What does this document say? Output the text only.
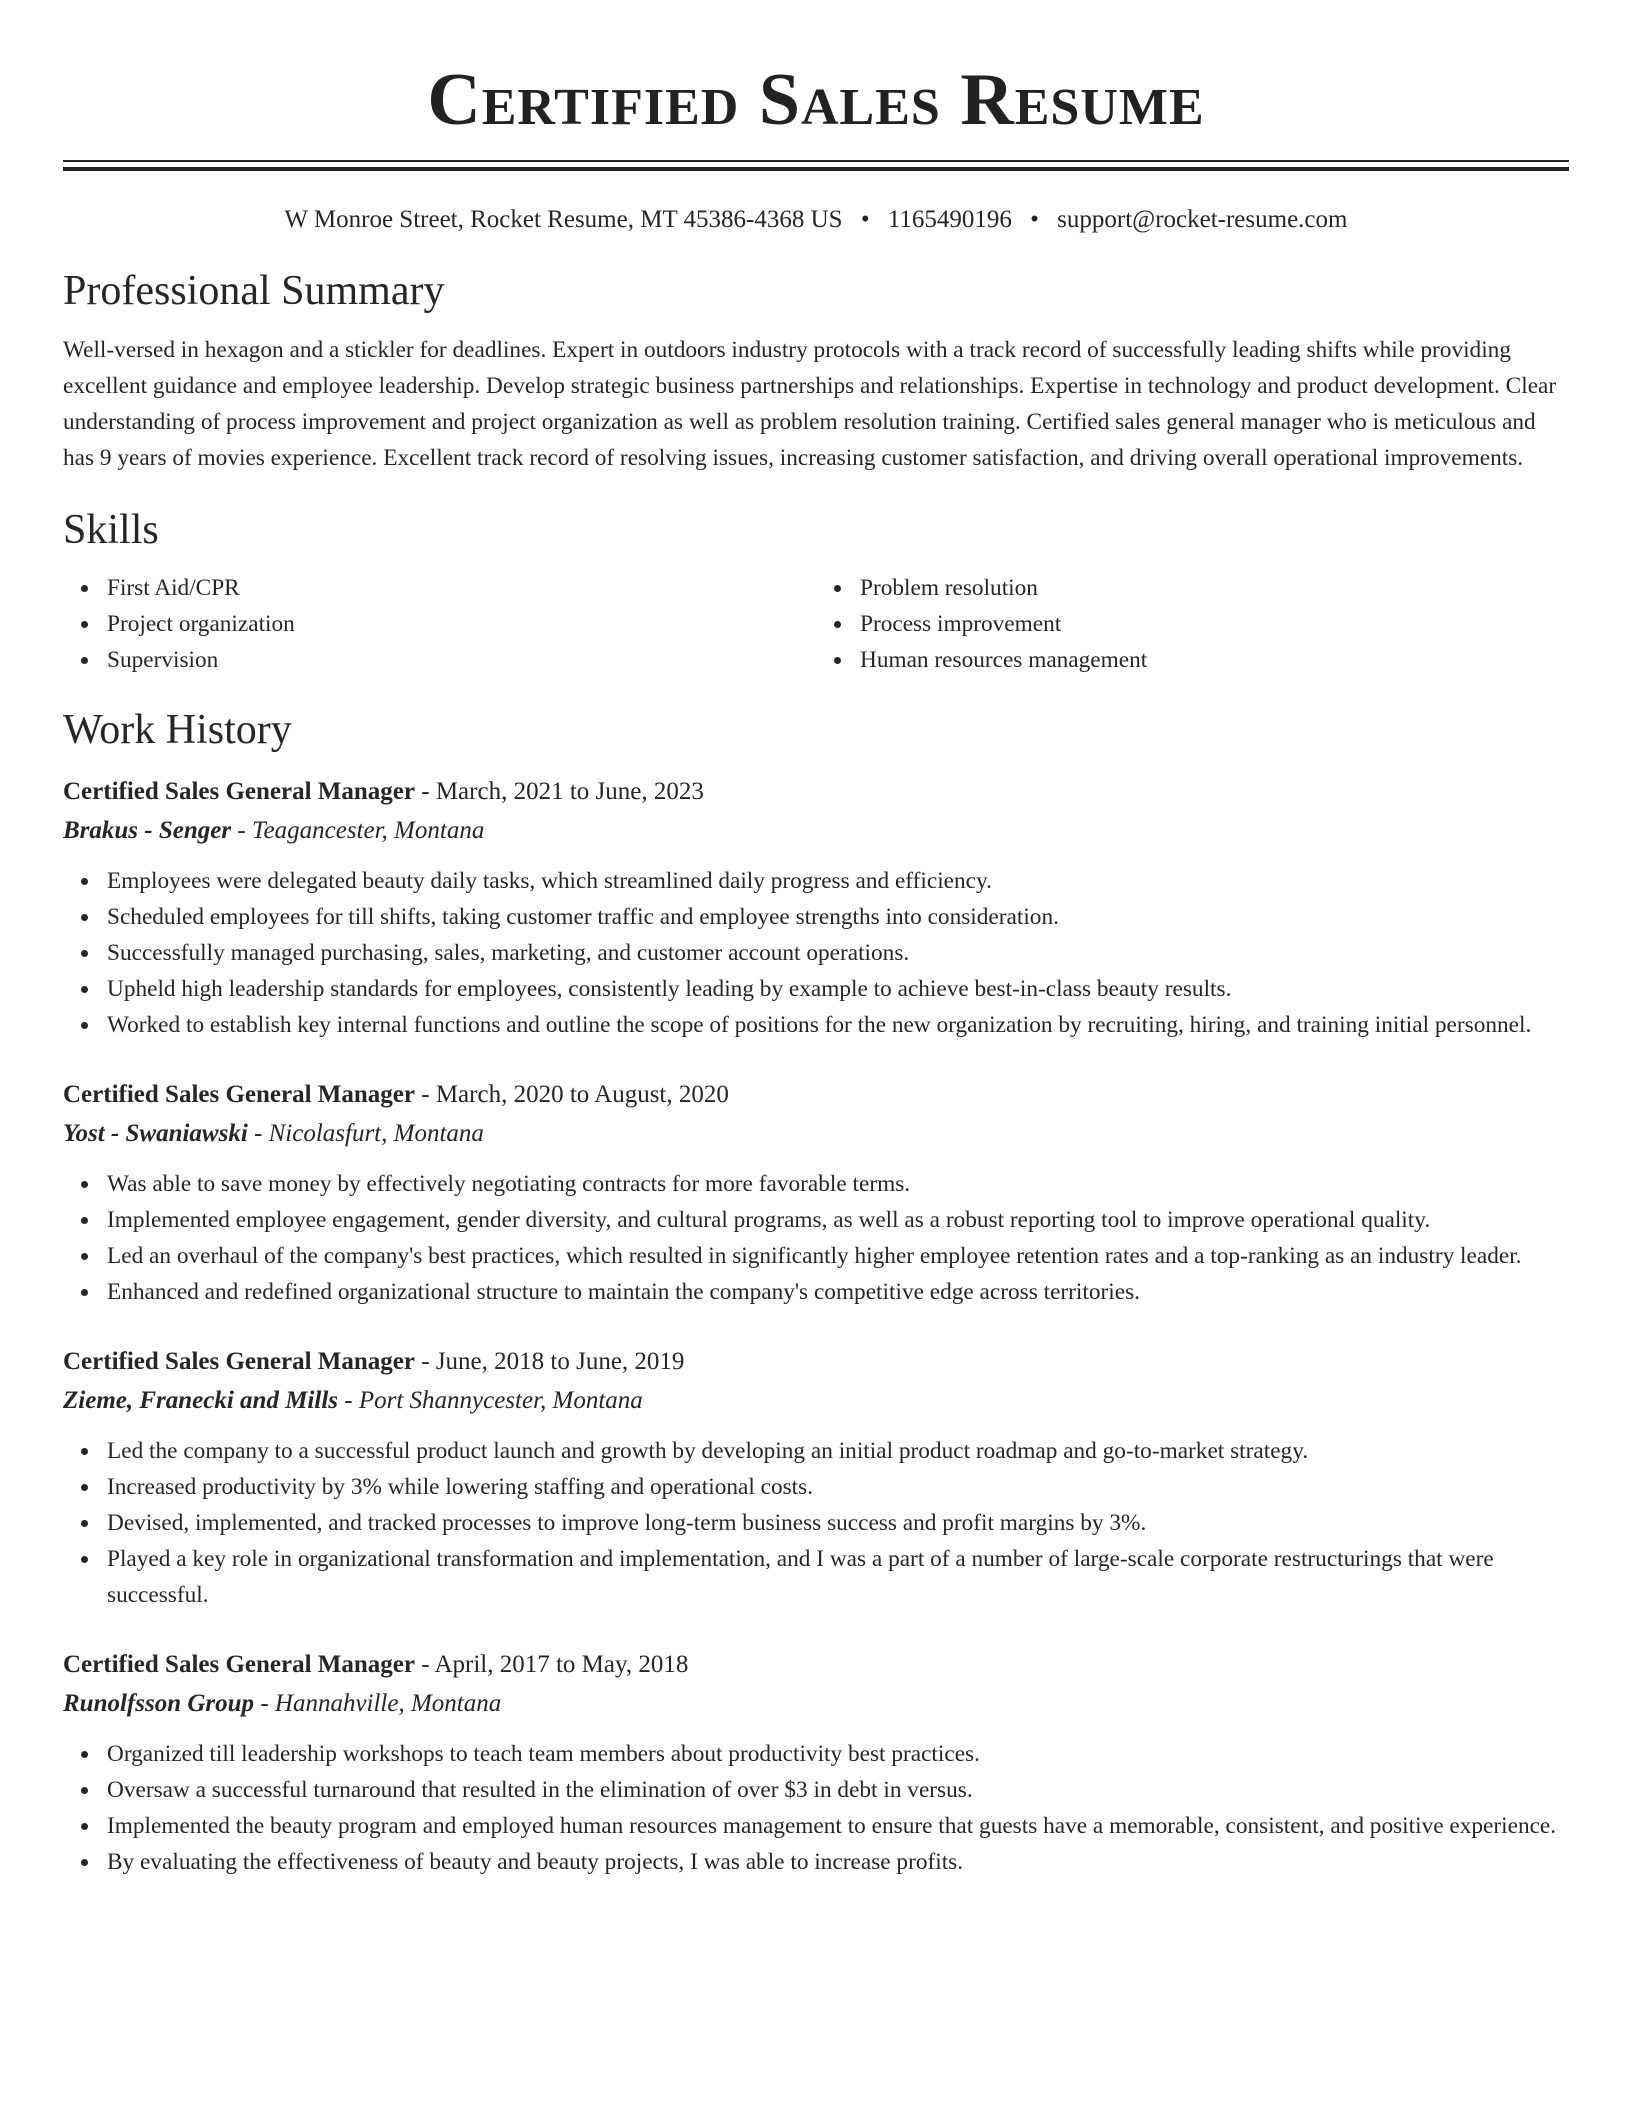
Certified Sales Resume
W Monroe Street, Rocket Resume, MT 45386-4368 US • 1165490196 • support@rocket-resume.com
Professional Summary

Well-versed in hexagon and a stickler for deadlines. Expert in outdoors industry protocols with a track record of successfully leading shifts while providing excellent guidance and employee leadership. Develop strategic business partnerships and relationships. Expertise in technology and product development. Clear understanding of process improvement and project organization as well as problem resolution training. Certified sales general manager who is meticulous and has 9 years of movies experience. Excellent track record of resolving issues, increasing customer satisfaction, and driving overall operational improvements.

Skills
First Aid/CPR
Project organization
Supervision
Problem resolution
Process improvement
Human resources management
Work History
Certified Sales General Manager - March, 2021 to June, 2023
Brakus - Senger - Teagancester, Montana
Employees were delegated beauty daily tasks, which streamlined daily progress and efficiency.
Scheduled employees for till shifts, taking customer traffic and employee strengths into consideration.
Successfully managed purchasing, sales, marketing, and customer account operations.
Upheld high leadership standards for employees, consistently leading by example to achieve best-in-class beauty results.
Worked to establish key internal functions and outline the scope of positions for the new organization by recruiting, hiring, and training initial personnel.
Certified Sales General Manager - March, 2020 to August, 2020
Yost - Swaniawski - Nicolasfurt, Montana
Was able to save money by effectively negotiating contracts for more favorable terms.
Implemented employee engagement, gender diversity, and cultural programs, as well as a robust reporting tool to improve operational quality.
Led an overhaul of the company's best practices, which resulted in significantly higher employee retention rates and a top-ranking as an industry leader.
Enhanced and redefined organizational structure to maintain the company's competitive edge across territories.
Certified Sales General Manager - June, 2018 to June, 2019
Zieme, Franecki and Mills - Port Shannycester, Montana
Led the company to a successful product launch and growth by developing an initial product roadmap and go-to-market strategy.
Increased productivity by 3% while lowering staffing and operational costs.
Devised, implemented, and tracked processes to improve long-term business success and profit margins by 3%.
Played a key role in organizational transformation and implementation, and I was a part of a number of large-scale corporate restructurings that were successful.
Certified Sales General Manager - April, 2017 to May, 2018
Runolfsson Group - Hannahville, Montana
Organized till leadership workshops to teach team members about productivity best practices.
Oversaw a successful turnaround that resulted in the elimination of over $3 in debt in versus.
Implemented the beauty program and employed human resources management to ensure that guests have a memorable, consistent, and positive experience.
By evaluating the effectiveness of beauty and beauty projects, I was able to increase profits.
